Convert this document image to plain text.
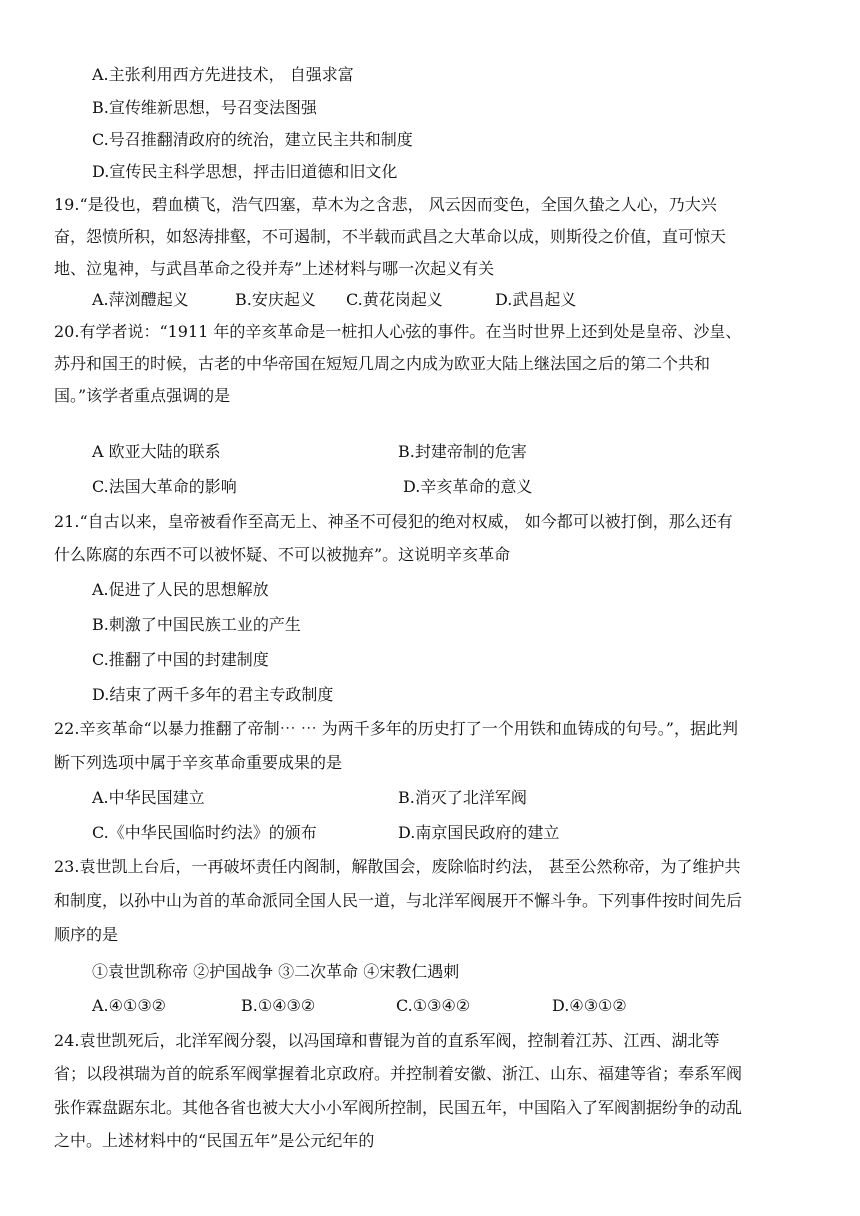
A.主张利用西方先进技术， 自强求富
B.宣传维新思想，号召变法图强
C.号召推翻清政府的统治，建立民主共和制度
D.宣传民主科学思想，抨击旧道德和旧文化
19.“是役也，碧血横飞，浩气四塞，草木为之含悲， 风云因而变色，全国久蛰之人心，乃大兴
奋，怨愤所积，如怒涛排壑，不可遏制，不半载而武昌之大革命以成，则斯役之价值，直可惊天
地、泣鬼神，与武昌革命之役并寿”上述材料与哪一次起义有关
A.萍浏醴起义	B.安庆起义 C.黄花岗起义	D.武昌起义
20.有学者说：“1911 年的辛亥革命是一桩扣人心弦的事件。在当时世界上还到处是皇帝、沙皇、
苏丹和国王的时候，古老的中华帝国在短短几周之内成为欧亚大陆上继法国之后的第二个共和
国。”该学者重点强调的是
A 欧亚大陆的联系	B.封建帝制的危害
C.法国大革命的影响	D.辛亥革命的意义
21.“自古以来，皇帝被看作至高无上、神圣不可侵犯的绝对权威， 如今都可以被打倒，那么还有
什么陈腐的东西不可以被怀疑、不可以被抛弃”。这说明辛亥革命
A.促进了人民的思想解放
B.刺激了中国民族工业的产生
C.推翻了中国的封建制度
D.结束了两千多年的君主专政制度
22.辛亥革命“以暴力推翻了帝制⋯ ⋯ 为两千多年的历史打了一个用铁和血铸成的句号。”，据此判
断下列选项中属于辛亥革命重要成果的是
A.中华民国建立	B.消灭了北洋军阀
C.《中华民国临时约法》的颁布	D.南京国民政府的建立
23.袁世凯上台后，一再破坏责任内阁制，解散国会，废除临时约法， 甚至公然称帝，为了维护共
和制度，以孙中山为首的革命派同全国人民一道，与北洋军阀展开不懈斗争。下列事件按时间先后
顺序的是
①袁世凯称帝 ②护国战争 ③二次革命 ④宋教仁遇刺
A.④①③②	B.①④③②	C.①③④②	D.④③①②
24.袁世凯死后，北洋军阀分裂，以冯国璋和曹锟为首的直系军阀，控制着江苏、江西、湖北等
省；以段祺瑞为首的皖系军阀掌握着北京政府。并控制着安徽、浙江、山东、福建等省；奉系军阀
张作霖盘踞东北。其他各省也被大大小小军阀所控制，民国五年，中国陷入了军阀割据纷争的动乱
之中。上述材料中的“民国五年”是公元纪年的
